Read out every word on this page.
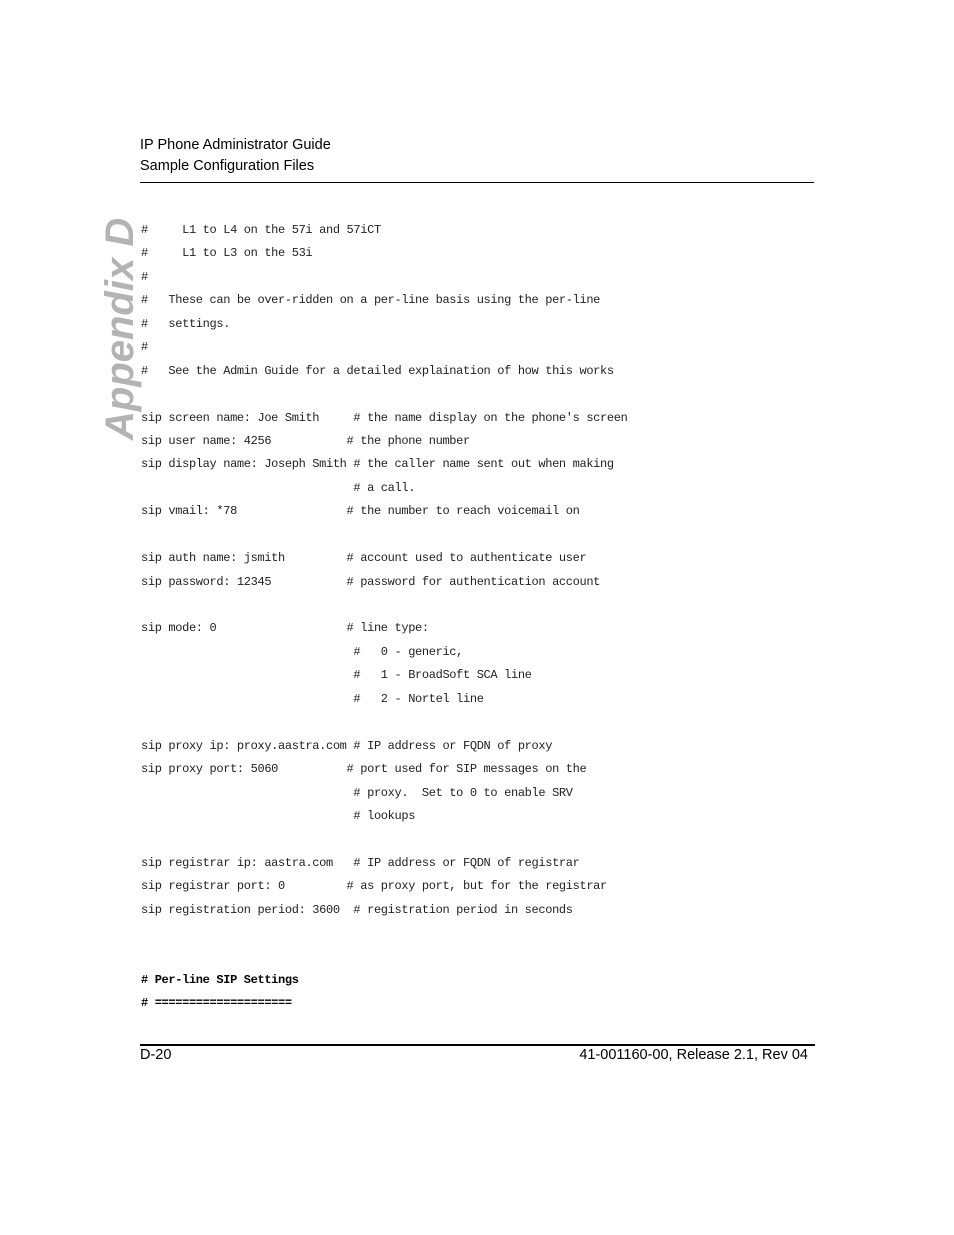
IP Phone Administrator Guide
Sample Configuration Files
Appendix D #     L1 to L4 on the 57i and 57iCT
#     L1 to L3 on the 53i
#
#   These can be over-ridden on a per-line basis using the per-line
#   settings.
#
#   See the Admin Guide for a detailed explaination of how this works
sip screen name: Joe Smith     # the name display on the phone's screen
sip user name: 4256           # the phone number
sip display name: Joseph Smith # the caller name sent out when making
# a call.
sip vmail: *78                # the number to reach voicemail on
sip auth name: jsmith         # account used to authenticate user
sip password: 12345           # password for authentication account
sip mode: 0                   # line type:
#   0 - generic,
#   1 - BroadSoft SCA line
#   2 - Nortel line
sip proxy ip: proxy.aastra.com # IP address or FQDN of proxy
sip proxy port: 5060          # port used for SIP messages on the
# proxy.  Set to 0 to enable SRV
# lookups
sip registrar ip: aastra.com   # IP address or FQDN of registrar
sip registrar port: 0         # as proxy port, but for the registrar
sip registration period: 3600  # registration period in seconds
# Per-line SIP Settings
# ====================
D-20	41-001160-00, Release 2.1, Rev 04
